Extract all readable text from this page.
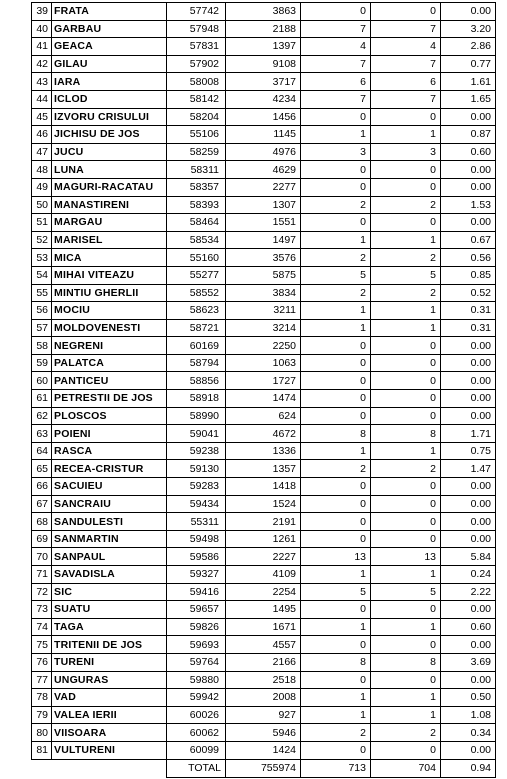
39	FRATA	57742	3863	0	0	0.00
40	GARBAU	57948	2188	7	7	3.20
41	GEACA	57831	1397	4	4	2.86
42	GILAU	57902	9108	7	7	0.77
43	IARA	58008	3717	6	6	1.61
44	ICLOD	58142	4234	7	7	1.65
45	IZVORU CRISULUI	58204	1456	0	0	0.00
46	JICHISU DE JOS	55106	1145	1	1	0.87
47	JUCU	58259	4976	3	3	0.60
48	LUNA	58311	4629	0	0	0.00
49	MAGURI-RACATAU	58357	2277	0	0	0.00
50	MANASTIRENI	58393	1307	2	2	1.53
51	MARGAU	58464	1551	0	0	0.00
52	MARISEL	58534	1497	1	1	0.67
53	MICA	55160	3576	2	2	0.56
54	MIHAI VITEAZU	55277	5875	5	5	0.85
55	MINTIU GHERLII	58552	3834	2	2	0.52
56	MOCIU	58623	3211	1	1	0.31
57	MOLDOVENESTI	58721	3214	1	1	0.31
58	NEGRENI	60169	2250	0	0	0.00
59	PALATCA	58794	1063	0	0	0.00
60	PANTICEU	58856	1727	0	0	0.00
61	PETRESTII DE JOS	58918	1474	0	0	0.00
62	PLOSCOS	58990	624	0	0	0.00
63	POIENI	59041	4672	8	8	1.71
64	RASCA	59238	1336	1	1	0.75
65	RECEA-CRISTUR	59130	1357	2	2	1.47
66	SACUIEU	59283	1418	0	0	0.00
67	SANCRAIU	59434	1524	0	0	0.00
68	SANDULESTI	55311	2191	0	0	0.00
69	SANMARTIN	59498	1261	0	0	0.00
70	SANPAUL	59586	2227	13	13	5.84
71	SAVADISLA	59327	4109	1	1	0.24
72	SIC	59416	2254	5	5	2.22
73	SUATU	59657	1495	0	0	0.00
74	TAGA	59826	1671	1	1	0.60
75	TRITENII DE JOS	59693	4557	0	0	0.00
76	TURENI	59764	2166	8	8	3.69
77	UNGURAS	59880	2518	0	0	0.00
78	VAD	59942	2008	1	1	0.50
79	VALEA IERII	60026	927	1	1	1.08
80	VIISOARA	60062	5946	2	2	0.34
81	VULTURENI	60099	1424	0	0	0.00
		TOTAL	755974	713	704	0.94
